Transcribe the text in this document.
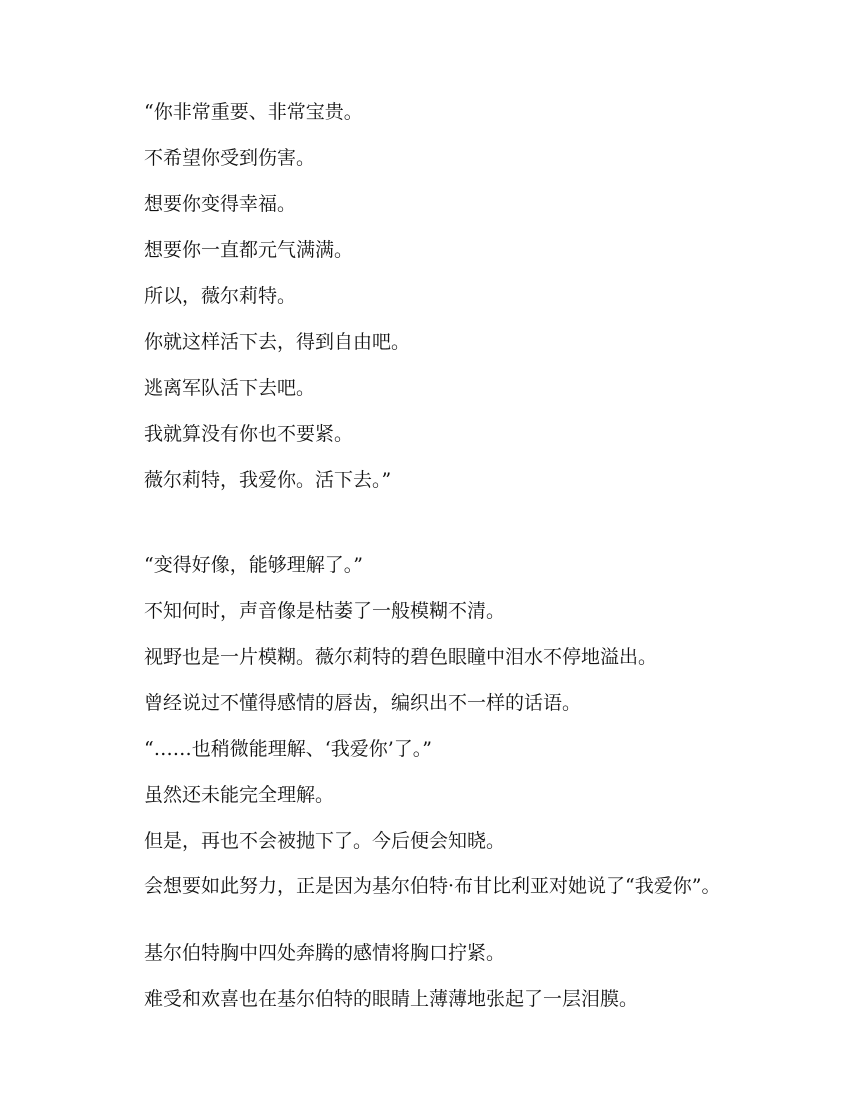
“你非常重要、非常宝贵。

不希望你受到伤害。

想要你变得幸福。

想要你一直都元气满满。

所以，薇尔莉特。

你就这样活下去，得到自由吧。

逃离军队活下去吧。

我就算没有你也不要紧。

薇尔莉特，我爱你。活下去。”

“变得好像，能够理解了。”

不知何时，声音像是枯萎了一般模糊不清。

视野也是一片模糊。薇尔莉特的碧色眼瞳中泪水不停地溢出。

曾经说过不懂得感情的唇齿，编织出不一样的话语。

“……也稍微能理解、‘我爱你’了。”

虽然还未能完全理解。

但是，再也不会被抛下了。今后便会知晓。

会想要如此努力，正是因为基尔伯特·布甘比利亚对她说了“我爱你”。

基尔伯特胸中四处奔腾的感情将胸口拧紧。

难受和欢喜也在基尔伯特的眼睛上薄薄地张起了一层泪膜。
